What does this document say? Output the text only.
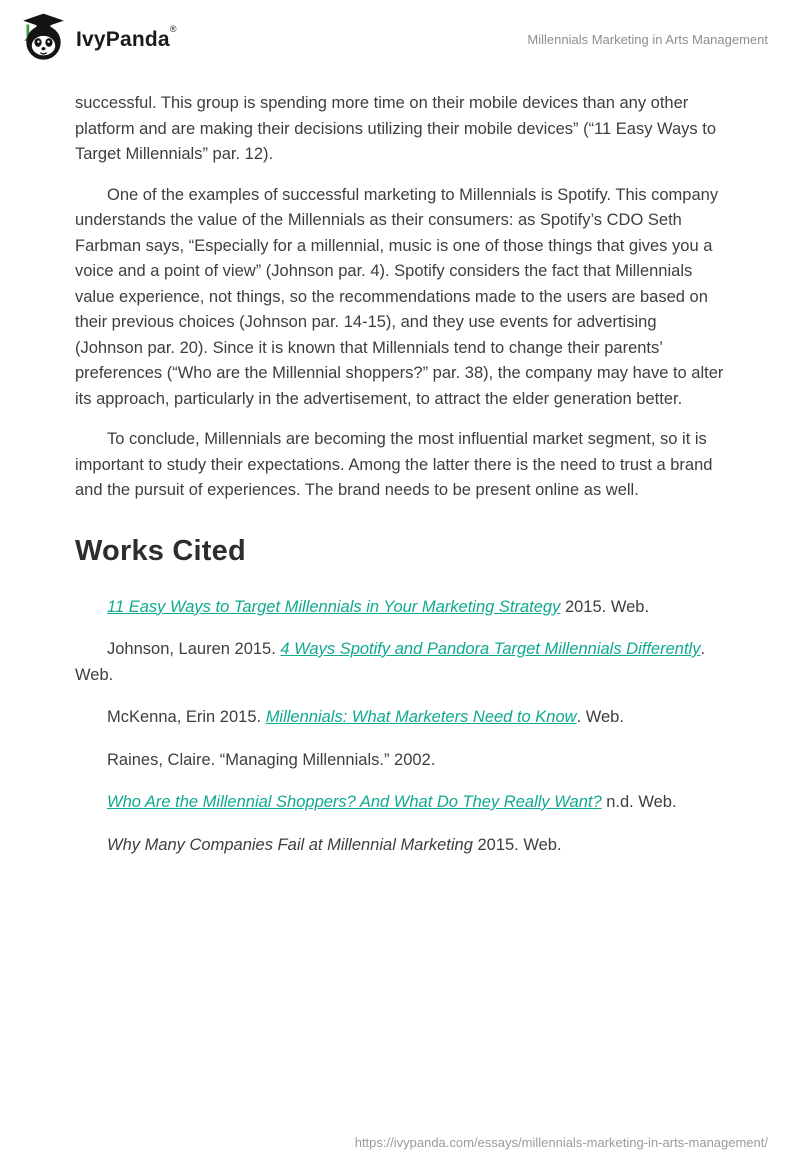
IvyPanda®
Millennials Marketing in Arts Management

successful. This group is spending more time on their mobile devices than any other platform and are making their decisions utilizing their mobile devices” (“11 Easy Ways to Target Millennials” par. 12).

One of the examples of successful marketing to Millennials is Spotify. This company understands the value of the Millennials as their consumers: as Spotify’s CDO Seth Farbman says, “Especially for a millennial, music is one of those things that gives you a voice and a point of view” (Johnson par. 4). Spotify considers the fact that Millennials value experience, not things, so the recommendations made to the users are based on their previous choices (Johnson par. 14-15), and they use events for advertising (Johnson par. 20). Since it is known that Millennials tend to change their parents’ preferences (“Who are the Millennial shoppers?” par. 38), the company may have to alter its approach, particularly in the advertisement, to attract the elder generation better.

To conclude, Millennials are becoming the most influential market segment, so it is important to study their expectations. Among the latter there is the need to trust a brand and the pursuit of experiences. The brand needs to be present online as well.

Works Cited

11 Easy Ways to Target Millennials in Your Marketing Strategy 2015. Web.

Johnson, Lauren 2015. 4 Ways Spotify and Pandora Target Millennials Differently. Web.

McKenna, Erin 2015. Millennials: What Marketers Need to Know. Web.

Raines, Claire. “Managing Millennials.” 2002.

Who Are the Millennial Shoppers? And What Do They Really Want? n.d. Web.

Why Many Companies Fail at Millennial Marketing 2015. Web.

https://ivypanda.com/essays/millennials-marketing-in-arts-management/
